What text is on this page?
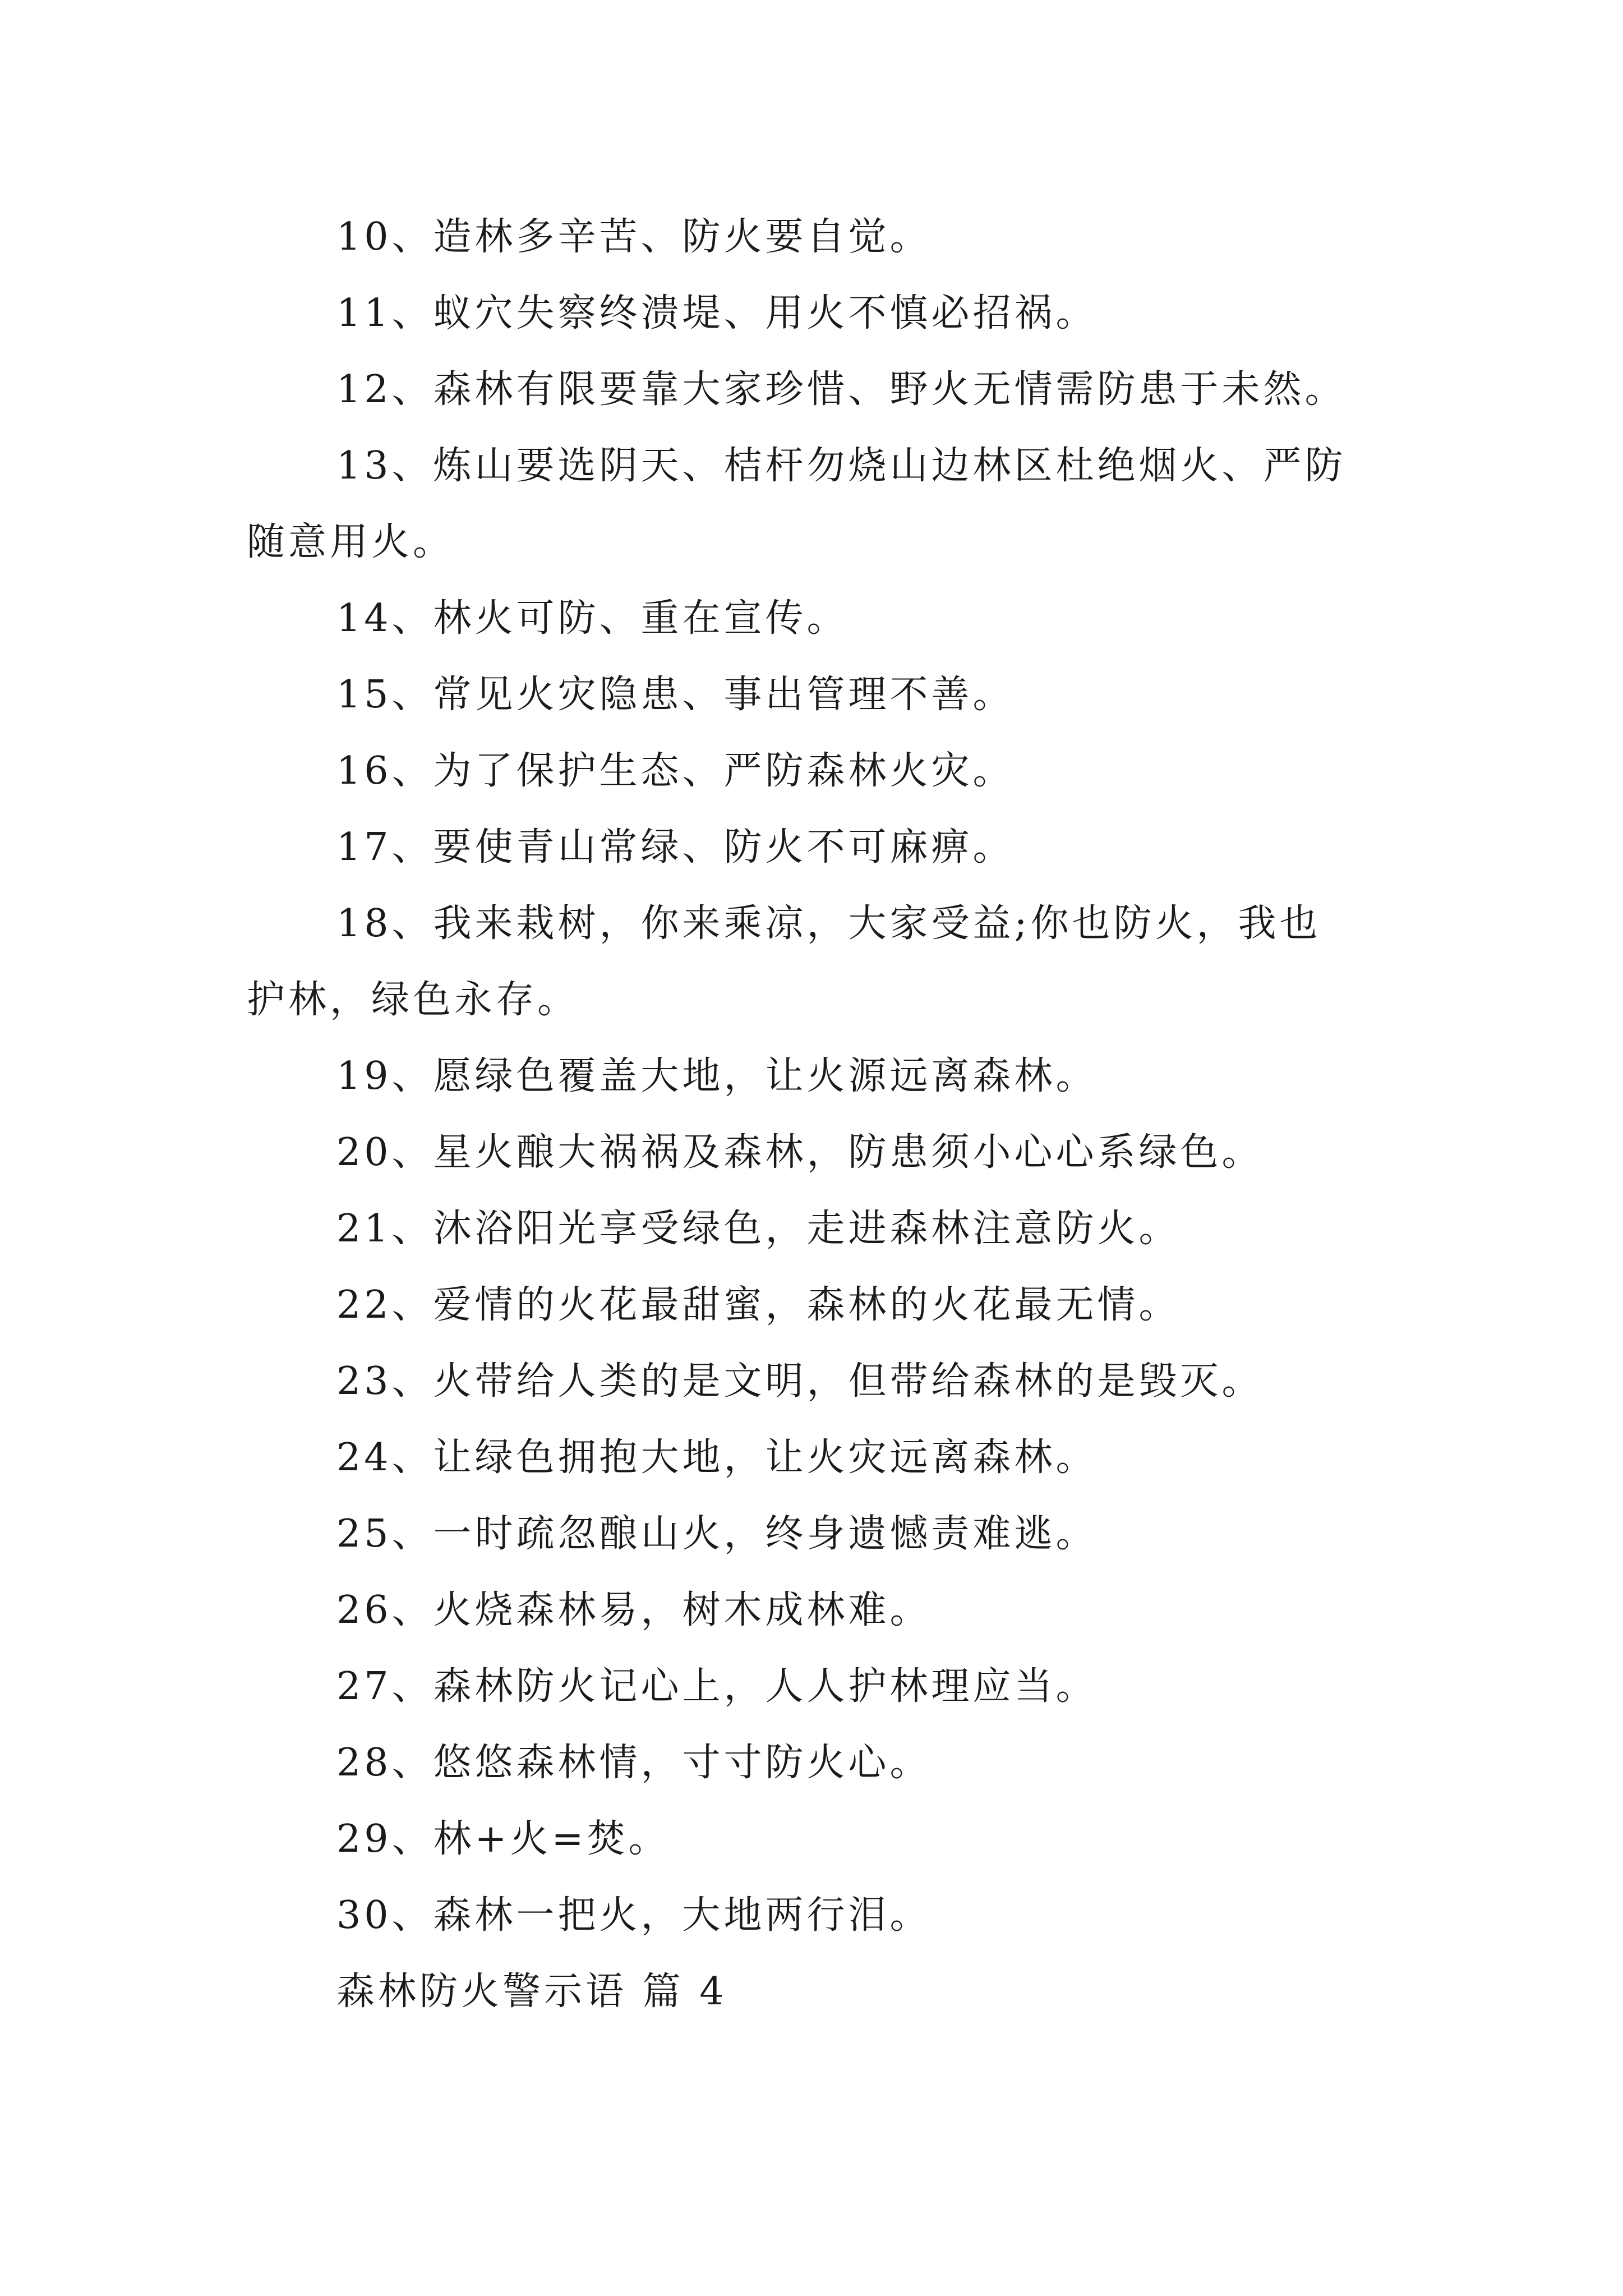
10、造林多辛苦、防火要自觉。
11、蚁穴失察终溃堤、用火不慎必招祸。
12、森林有限要靠大家珍惜、野火无情需防患于未然。
13、炼山要选阴天、桔杆勿烧山边林区杜绝烟火、严防
随意用火。
14、林火可防、重在宣传。
15、常见火灾隐患、事出管理不善。
16、为了保护生态、严防森林火灾。
17、要使青山常绿、防火不可麻痹。
18、我来栽树，你来乘凉，大家受益;你也防火，我也
护林，绿色永存。
19、愿绿色覆盖大地，让火源远离森林。
20、星火酿大祸祸及森林，防患须小心心系绿色。
21、沐浴阳光享受绿色，走进森林注意防火。
22、爱情的火花最甜蜜，森林的火花最无情。
23、火带给人类的是文明，但带给森林的是毁灭。
24、让绿色拥抱大地，让火灾远离森林。
25、一时疏忽酿山火，终身遗憾责难逃。
26、火烧森林易，树木成林难。
27、森林防火记心上，人人护林理应当。
28、悠悠森林情，寸寸防火心。
29、林+火=焚。
30、森林一把火，大地两行泪。
森林防火警示语 篇 4
